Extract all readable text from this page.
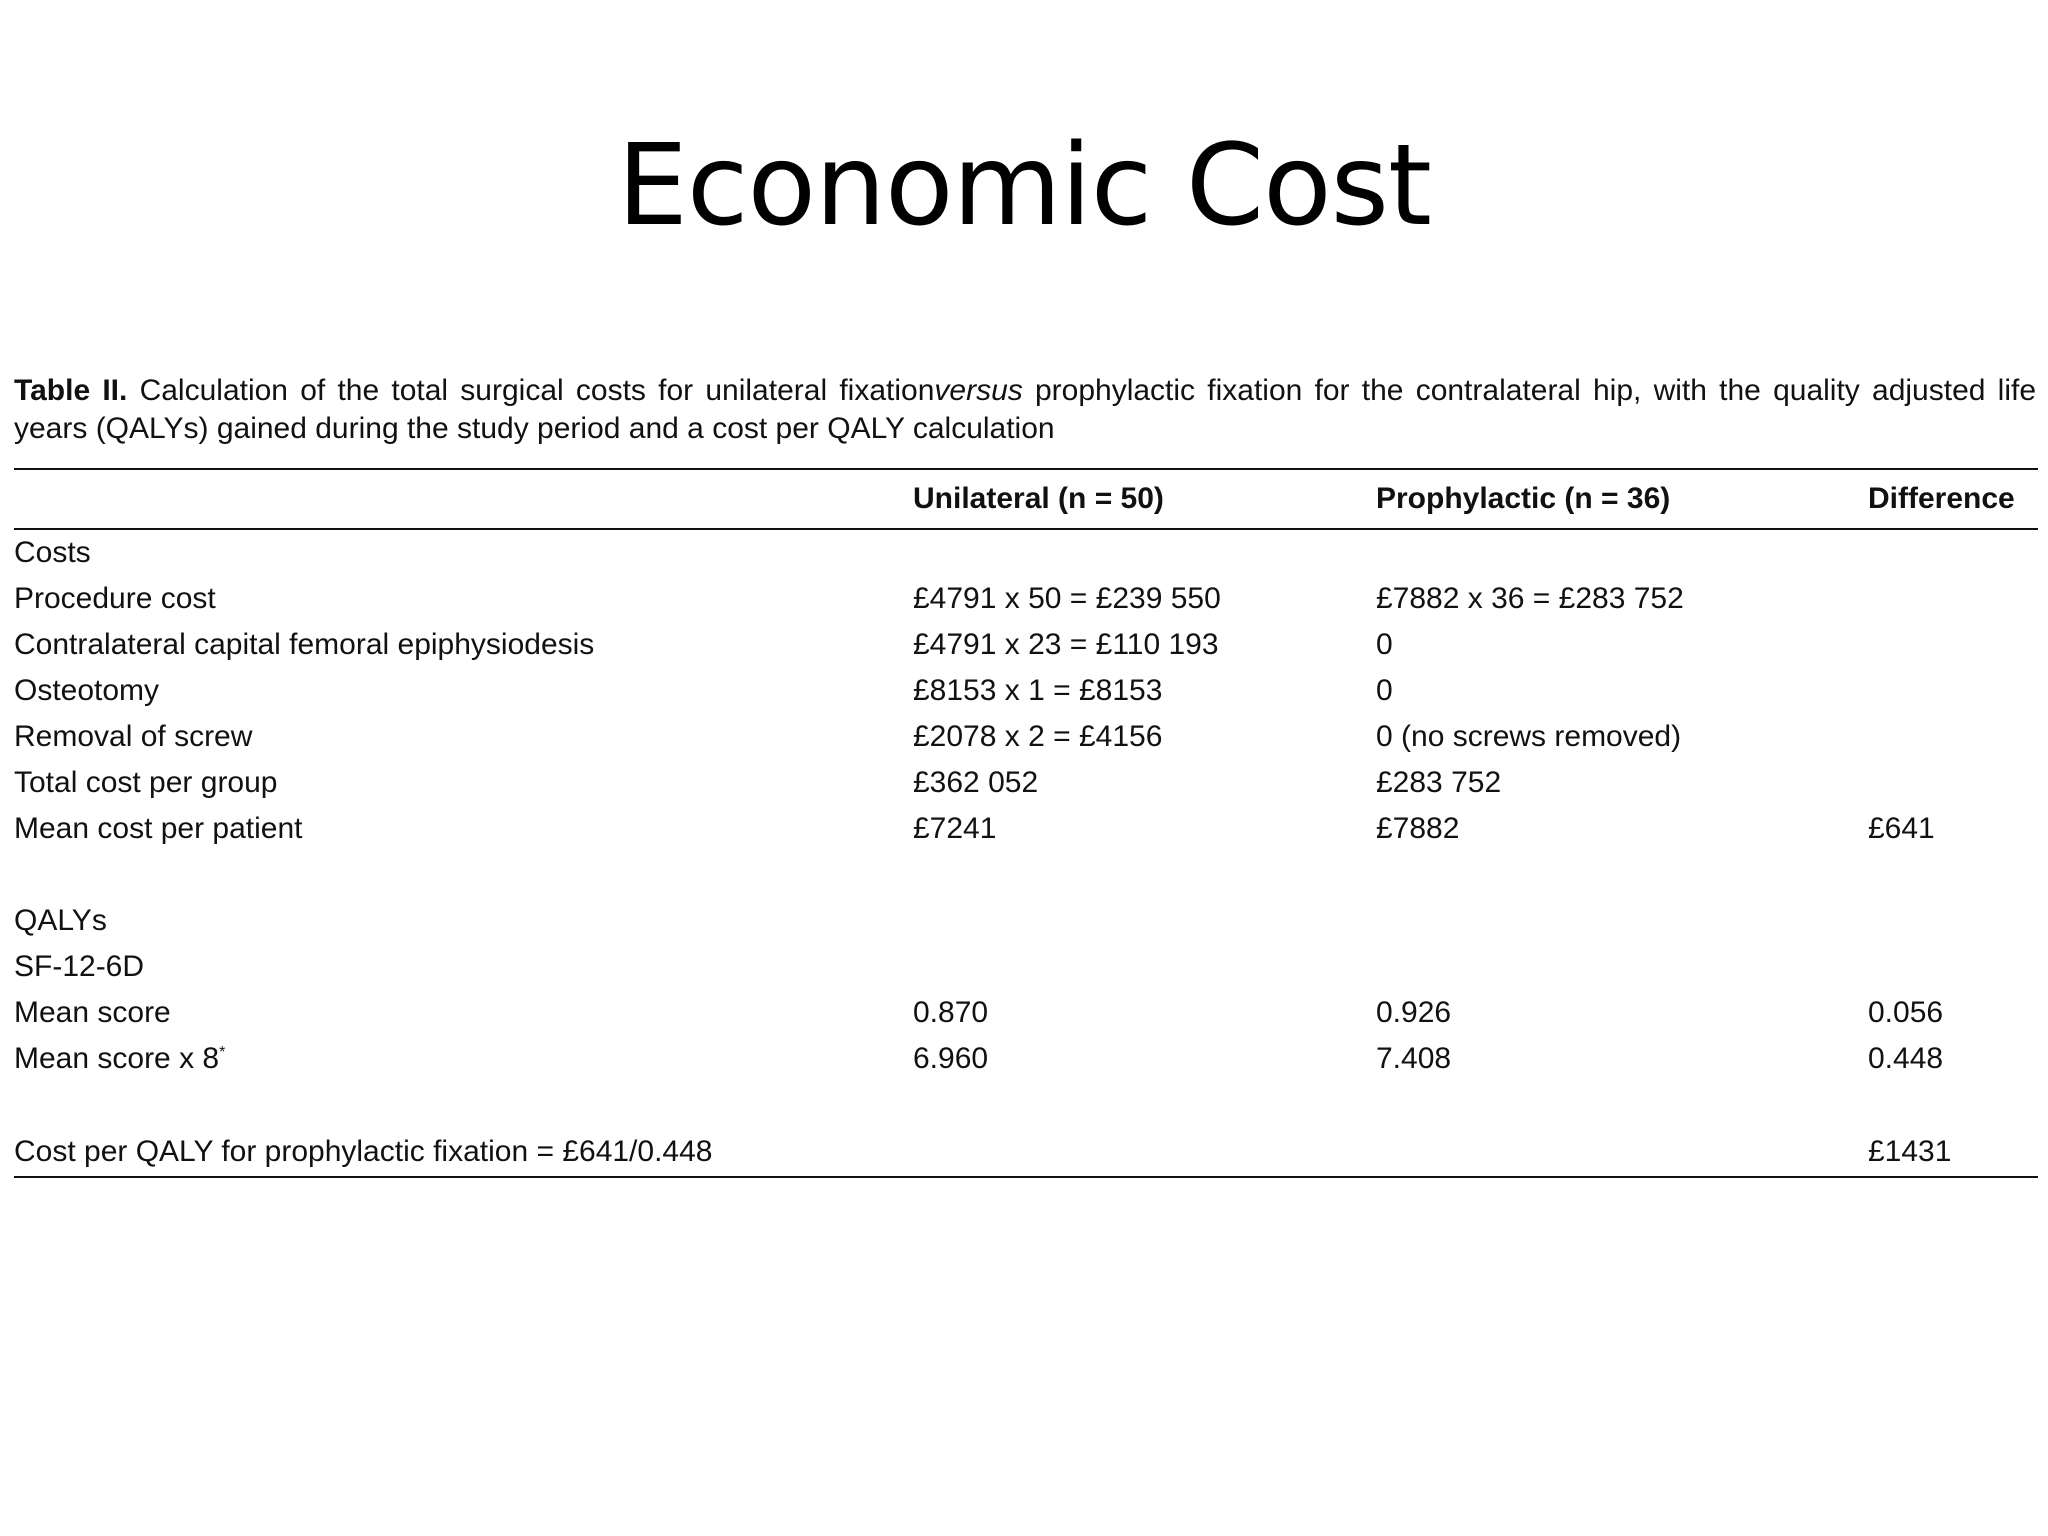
Economic Cost
Table II. Calculation of the total surgical costs for unilateral fixationversus prophylactic fixation for the contralateral hip, with the quality adjusted life years (QALYs) gained during the study period and a cost per QALY calculation
	Unilateral (n = 50)	Prophylactic (n = 36)	Difference
Costs			
Procedure cost	£4791 x 50 = £239 550	£7882 x 36 = £283 752	
Contralateral capital femoral epiphysiodesis	£4791 x 23 = £110 193	0	
Osteotomy	£8153 x 1 = £8153	0	
Removal of screw	£2078 x 2 = £4156	0 (no screws removed)	
Total cost per group	£362 052	£283 752	
Mean cost per patient	£7241	£7882	£641

QALYs			
SF-12-6D			
Mean score	0.870	0.926	0.056
Mean score x 8*	6.960	7.408	0.448

Cost per QALY for prophylactic fixation = £641/0.448			£1431
